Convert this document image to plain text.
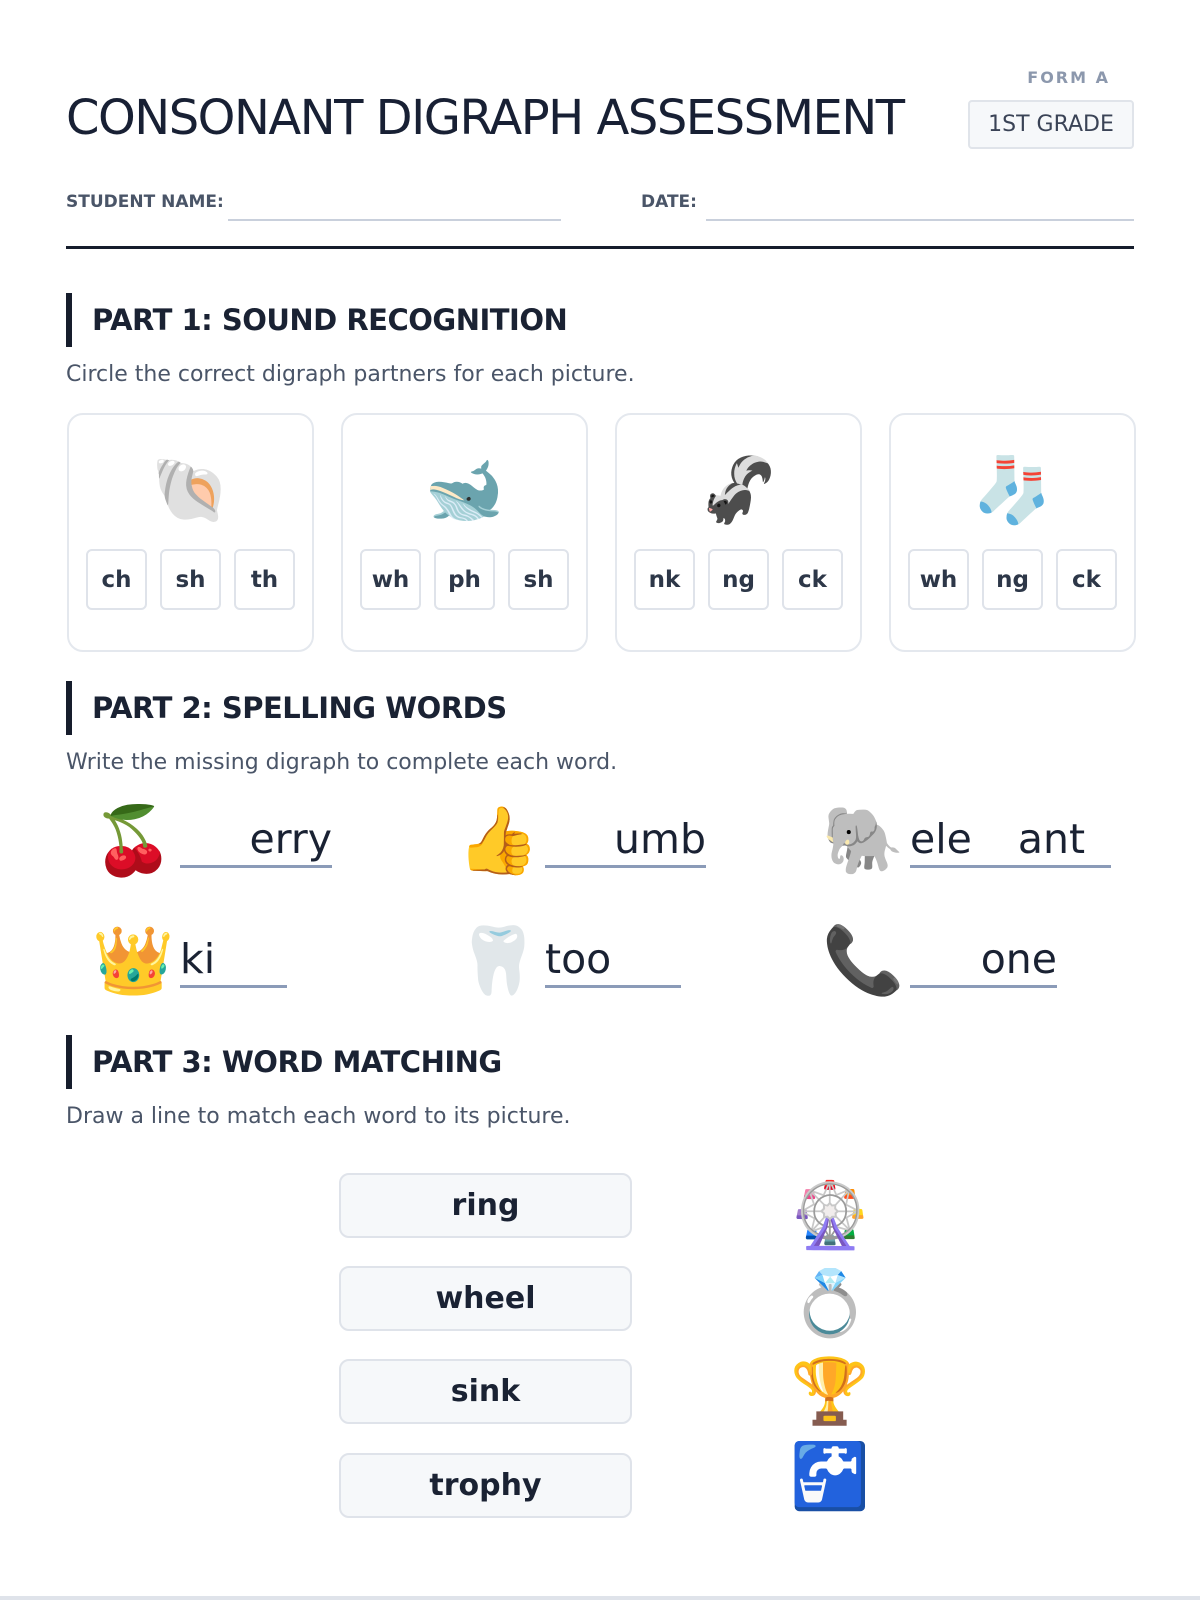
FORM A
CONSONANT DIGRAPH ASSESSMENT	1ST GRADE
STUDENT NAME:	DATE:
PART 1: SOUND RECOGNITION
Circle the correct digraph partners for each picture.
🐚
ch	sh	th
🐋
wh	ph	sh
🦨
nk	ng	ck
🧦
wh	ng	ck
PART 2: SPELLING WORDS
Write the missing digraph to complete each word.
🍒 erry 👍 umb 🐘 ele ant
👑 ki	🦷 too	📞 one
PART 3: WORD MATCHING
Draw a line to match each word to its picture.
ring
wheel
sink
trophy
🎡
💍
🏆
🚰
